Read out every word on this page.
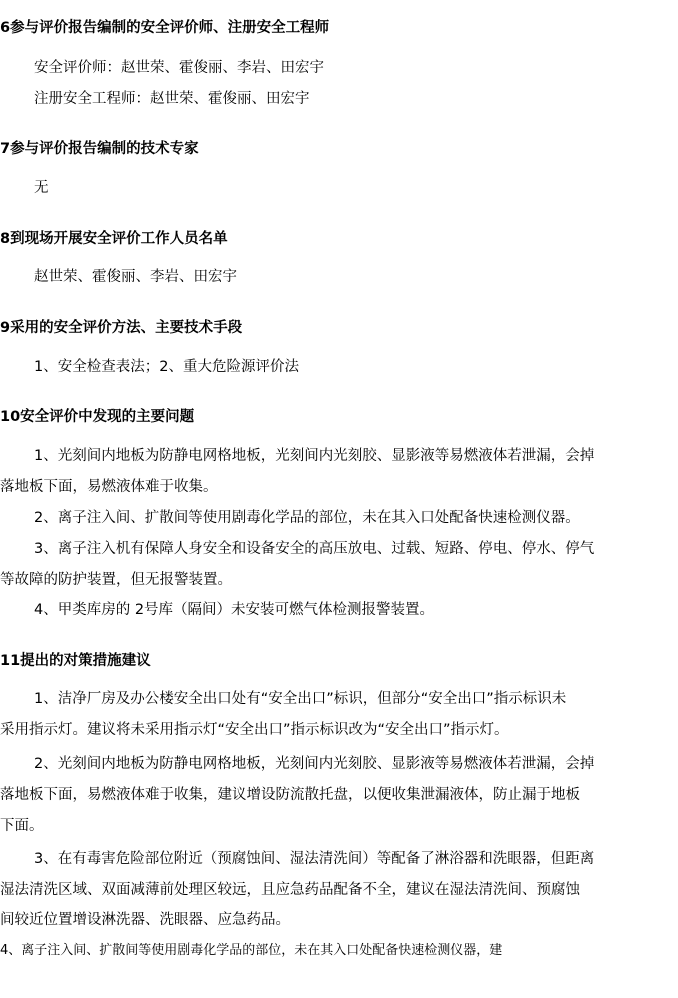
6参与评价报告编制的安全评价师、注册安全工程师
安全评价师：赵世荣、霍俊丽、李岩、田宏宇
注册安全工程师：赵世荣、霍俊丽、田宏宇
7参与评价报告编制的技术专家
无
8到现场开展安全评价工作人员名单
赵世荣、霍俊丽、李岩、田宏宇
9采用的安全评价方法、主要技术手段
1、安全检查表法；2、重大危险源评价法
10安全评价中发现的主要问题
1、光刻间内地板为防静电网格地板，光刻间内光刻胶、显影液等易燃液体若泄漏，会掉
落地板下面，易燃液体难于收集。
2、离子注入间、扩散间等使用剧毒化学品的部位，未在其入口处配备快速检测仪器。
3、离子注入机有保障人身安全和设备安全的高压放电、过载、短路、停电、停水、停气
等故障的防护装置，但无报警装置。
4、甲类库房的 2号库（隔间）未安装可燃气体检测报警装置。
11提出的对策措施建议
1、洁净厂房及办公楼安全出口处有“安全出口”标识，但部分“安全出口”指示标识未
采用指示灯。建议将未采用指示灯“安全出口”指示标识改为“安全出口”指示灯。
2、光刻间内地板为防静电网格地板，光刻间内光刻胶、显影液等易燃液体若泄漏，会掉
落地板下面，易燃液体难于收集，建议增设防流散托盘，以便收集泄漏液体，防止漏于地板
下面。
3、在有毒害危险部位附近（预腐蚀间、湿法清洗间）等配备了淋浴器和洗眼器，但距离
湿法清洗区域、双面减薄前处理区较远，且应急药品配备不全，建议在湿法清洗间、预腐蚀
间较近位置增设淋洗器、洗眼器、应急药品。
4、离子注入间、扩散间等使用剧毒化学品的部位，未在其入口处配备快速检测仪器，建
